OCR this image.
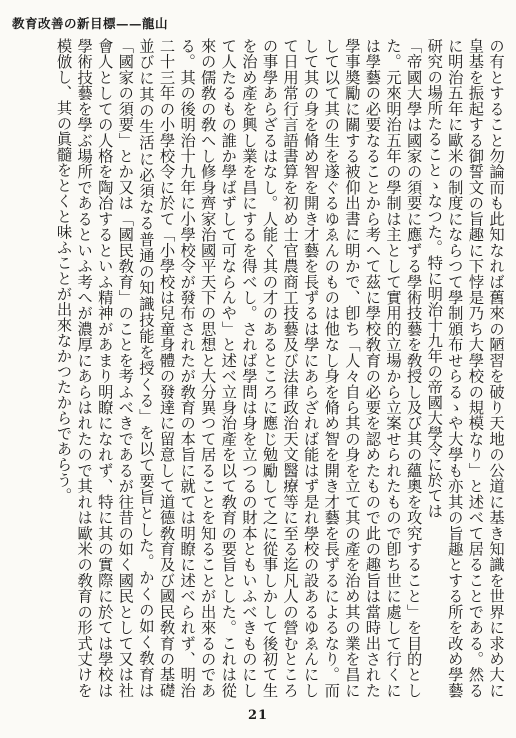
教育改善の新目標——龍山

の有とすること勿論而も此知なれば舊來の陋習を破り天地の公道に基き知識を世界に求め大に皇基を振起する御誓文の旨趣に下悖是乃ち大學校の規模なり」と述べて居ることである。然るに明治五年に歐米の制度にならつて學制頒布せらるゝや大學も亦其の旨趣とする所を改め學藝研究の場所たることゝなつた。特に明治十九年の帝國大學令に於ては

「帝國大學は國家の須要に應ずる學術技藝を敎授し及び其の蘊奧を攻究すること」を目的とした。元來明治五年の學制は主として實用的立場から立案せられたもので卽ち世に處して行くには學藝の必要なることから考へて茲に學校敎育の必要を認めたもので此の趣旨は當時出された學事奬勵に關する被仰出書に明かで、卽ち「人々自ら其の身を立て其の產を治め其の業を昌にして以て其の生を遂ぐるゆゑんのものは他なし身を脩め智を開き才藝を長ずるによるなり。而して其の身を脩め智を開き才藝を長ずるは學にあらざれば能はず是れ學校の設あるゆゑんにして日用常行言語書算を初め士官農商工技藝及び法律政治天文醫療等に至る迄凡人の營むところの事學あらざるはなし。人能く其の才のあるところに應じ勉勵して之に從事しかして後初て生を治め產を興し業を昌にするを得べし。されば學問は身を立つるの財本ともいふべきものにして人たるもの誰か學ばずして可ならんや」と述べ立身治產を以て敎育の要旨とした。これは從來の儒敎の敎へし修身齊家治國平天下の思想と大分異つて居ることを知ることが出來るのである。其の後明治十九年に小學校令が發布されたが敎育の本旨に就ては明瞭に述べられず、明治二十三年の小學校令に於て「小學校は兒童身體の發達に留意して道德敎育及び國民敎育の基礎並びに其の生活に必須なる普通の知識技能を授くる」を以て要旨とした。かくの如く敎育は「國家の須要」とか又は「國民敎育」のことを考ふべきであるが往昔の如く國民として又は社會人としての人格を陶冶するといふ精神があまり明瞭になれず、特に其の實際に於ては學校は學術技藝を學ぶ場所であるといふ考へが濃厚にあらはれたので其れは歐米の敎育の形式丈けを模倣し、其の眞髓をとくと味ふことが出來なかつたからであらう。

21
